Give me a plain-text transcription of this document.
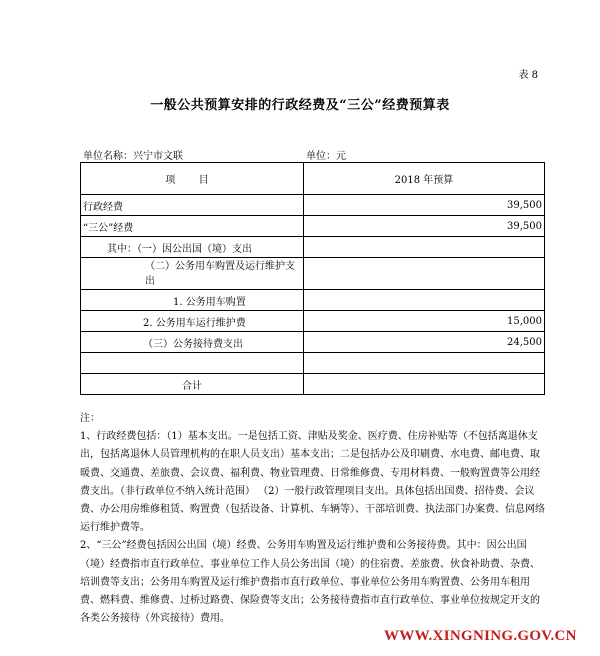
表 8
一般公共预算安排的行政经费及“三公”经费预算表
单位名称：兴宁市文联	单位：元
项 目	2018 年预算
行政经费	39,500
“三公”经费	39,500
其中：（一）因公出国（境）支出	
（二）公务用车购置及运行维护支出	
1. 公务用车购置	
2. 公务用车运行维护费	15,000
（三）公务接待费支出	24,500

合计	

注：

1、行政经费包括：（1）基本支出。一是包括工资、津贴及奖金、医疗费、住房补贴等（不包括离退休支出，包括离退休人员管理机构的在职人员支出）基本支出；二是包括办公及印刷费、水电费、邮电费、取暖费、交通费、差旅费、会议费、福利费、物业管理费、日常维修费、专用材料费、一般购置费等公用经费支出。（非行政单位不纳入统计范围） （2）一般行政管理项目支出。具体包括出国费、招待费、会议费、办公用房维修租赁、购置费（包括设备、计算机、车辆等）、干部培训费、执法部门办案费、信息网络运行维护费等。

2、“三公”经费包括因公出国（境）经费、公务用车购置及运行维护费和公务接待费。其中：因公出国（境）经费指市直行政单位、事业单位工作人员公务出国（境）的住宿费、差旅费、伙食补助费、杂费、培训费等支出；公务用车购置及运行维护费指市直行政单位、事业单位公务用车购置费、公务用车租用费、燃料费、维修费、过桥过路费、保险费等支出；公务接待费指市直行政单位、事业单位按规定开支的各类公务接待（外宾接待）费用。

WWW.XINGNING.GOV.CN
